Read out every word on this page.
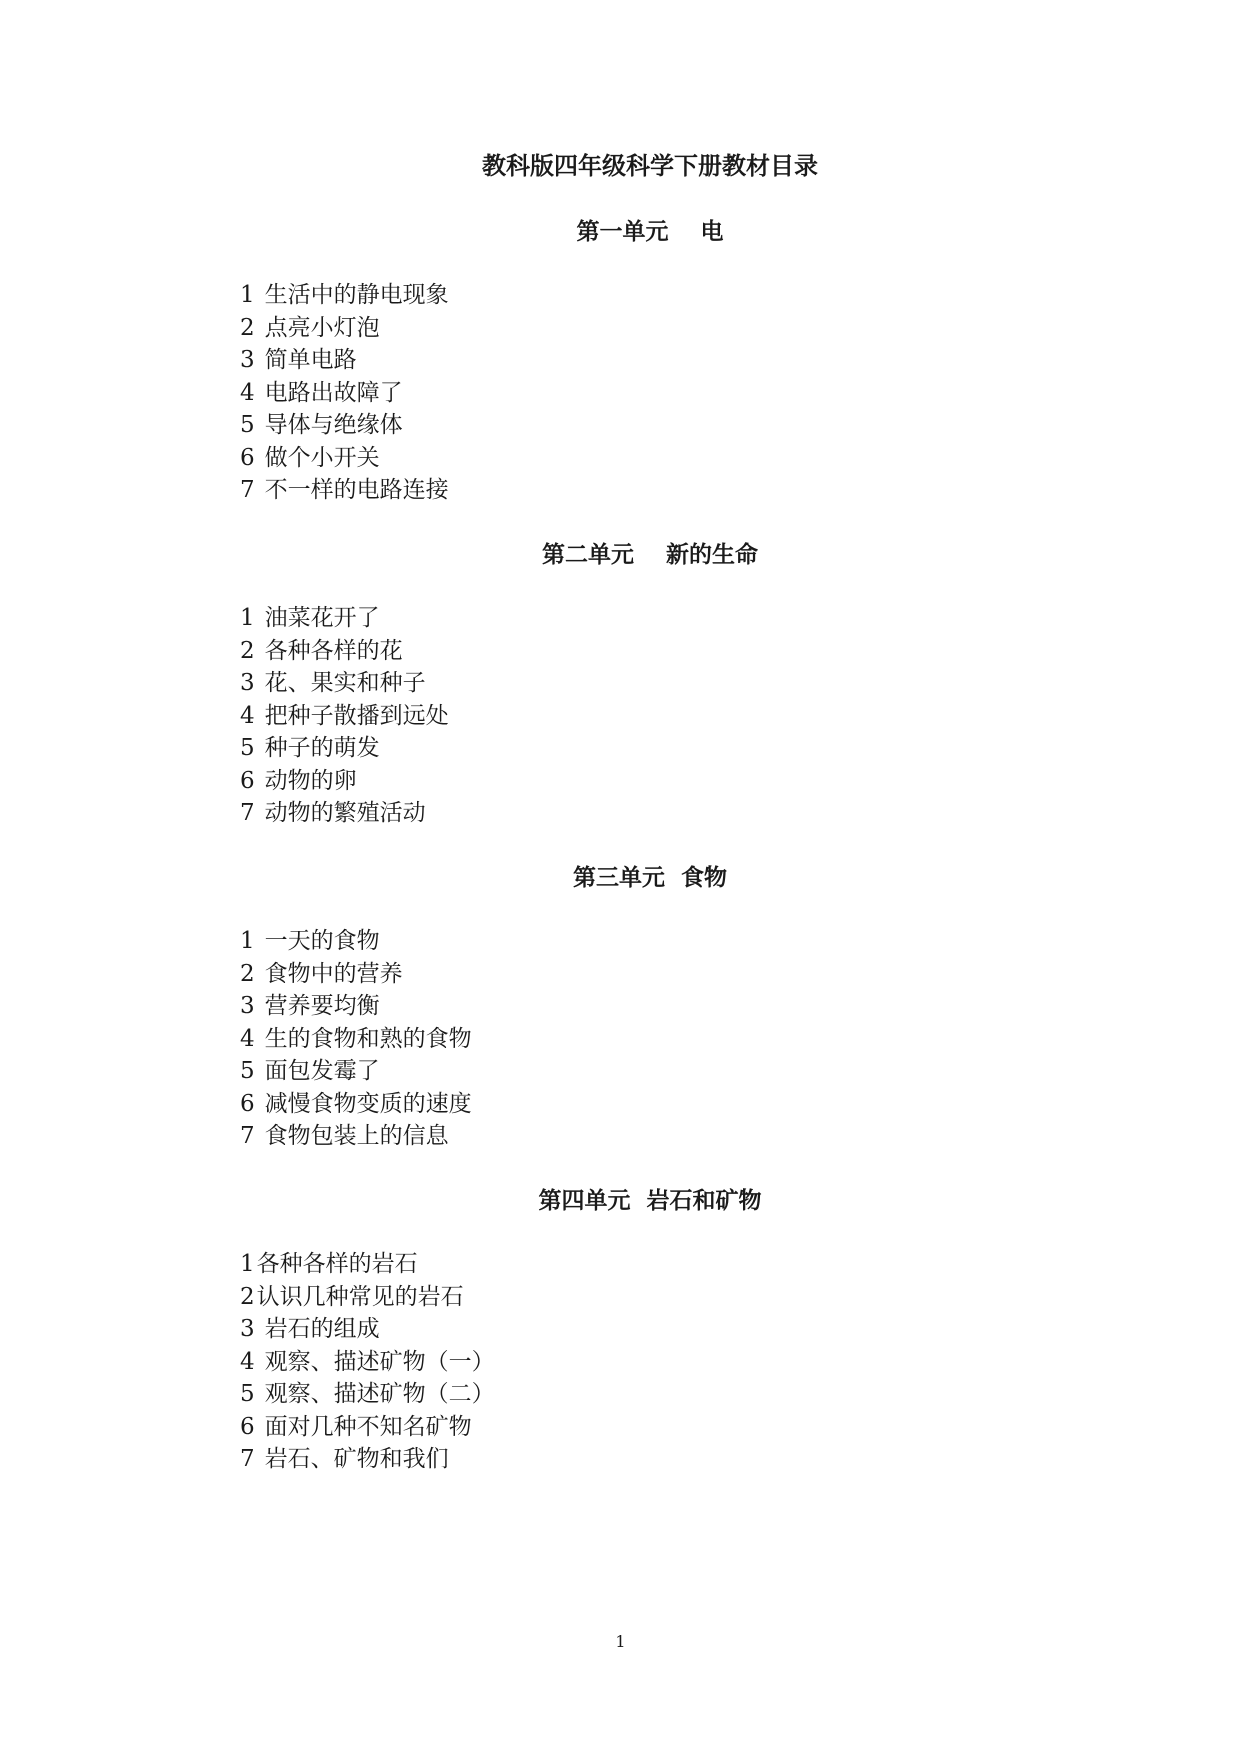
教科版四年级科学下册教材目录
第一单元    电
1 生活中的静电现象
2 点亮小灯泡
3 简单电路
4 电路出故障了
5 导体与绝缘体
6 做个小开关
7 不一样的电路连接
第二单元    新的生命
1 油菜花开了
2 各种各样的花
3 花、果实和种子
4 把种子散播到远处
5 种子的萌发
6 动物的卵
7 动物的繁殖活动
第三单元  食物
1 一天的食物
2 食物中的营养
3 营养要均衡
4 生的食物和熟的食物
5 面包发霉了
6 减慢食物变质的速度
7 食物包装上的信息
第四单元  岩石和矿物
1各种各样的岩石
2认识几种常见的岩石
3 岩石的组成
4 观察、描述矿物（一）
5 观察、描述矿物（二）
6 面对几种不知名矿物
7 岩石、矿物和我们
1
